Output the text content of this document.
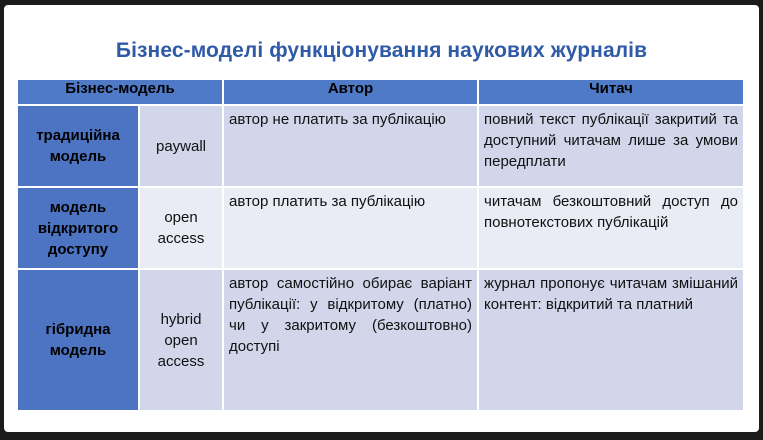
Бізнес-моделі функціонування наукових журналів
Бізнес-модель		Автор	Читач
традиційна модель	paywall	автор не платить за публікацію	повний текст публікації закритий та доступний читачам лише за умови передплати
модель відкритого доступу	open access	автор платить за публікацію	читачам безкоштовний доступ до повнотекстових публікацій
гібридна модель	hybrid open access	автор самостійно обирає варіант публікації: у відкритому (платно) чи у закритому (безкоштовно) доступі	журнал пропонує читачам змішаний контент: відкритий та платний
